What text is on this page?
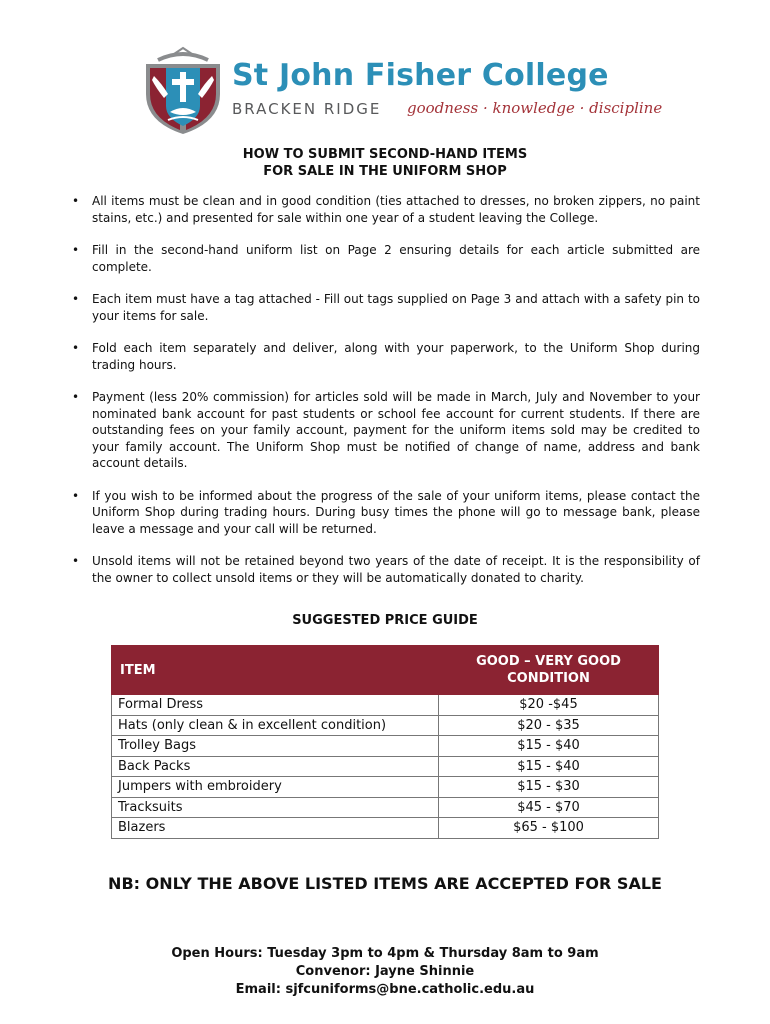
St John Fisher College
BRACKEN RIDGE goodness · knowledge · discipline
HOW TO SUBMIT SECOND-HAND ITEMS
FOR SALE IN THE UNIFORM SHOP
• All items must be clean and in good condition (ties attached to dresses, no broken zippers, no paint stains, etc.) and presented for sale within one year of a student leaving the College.
• Fill in the second-hand uniform list on Page 2 ensuring details for each article submitted are complete.
• Each item must have a tag attached - Fill out tags supplied on Page 3 and attach with a safety pin to your items for sale.
• Fold each item separately and deliver, along with your paperwork, to the Uniform Shop during trading hours.
• Payment (less 20% commission) for articles sold will be made in March, July and November to your nominated bank account for past students or school fee account for current students. If there are outstanding fees on your family account, payment for the uniform items sold may be credited to your family account. The Uniform Shop must be notified of change of name, address and bank account details.
• If you wish to be informed about the progress of the sale of your uniform items, please contact the Uniform Shop during trading hours. During busy times the phone will go to message bank, please leave a message and your call will be returned.
• Unsold items will not be retained beyond two years of the date of receipt. It is the responsibility of the owner to collect unsold items or they will be automatically donated to charity.
SUGGESTED PRICE GUIDE
ITEM	GOOD – VERY GOOD
CONDITION
Formal Dress	$20 -$45
Hats (only clean & in excellent condition)	$20 - $35
Trolley Bags	$15 - $40
Back Packs	$15 - $40
Jumpers with embroidery	$15 - $30
Tracksuits	$45 - $70
Blazers	$65 - $100
NB: ONLY THE ABOVE LISTED ITEMS ARE ACCEPTED FOR SALE
Open Hours: Tuesday 3pm to 4pm & Thursday 8am to 9am
Convenor: Jayne Shinnie
Email: sjfcuniforms@bne.catholic.edu.au
